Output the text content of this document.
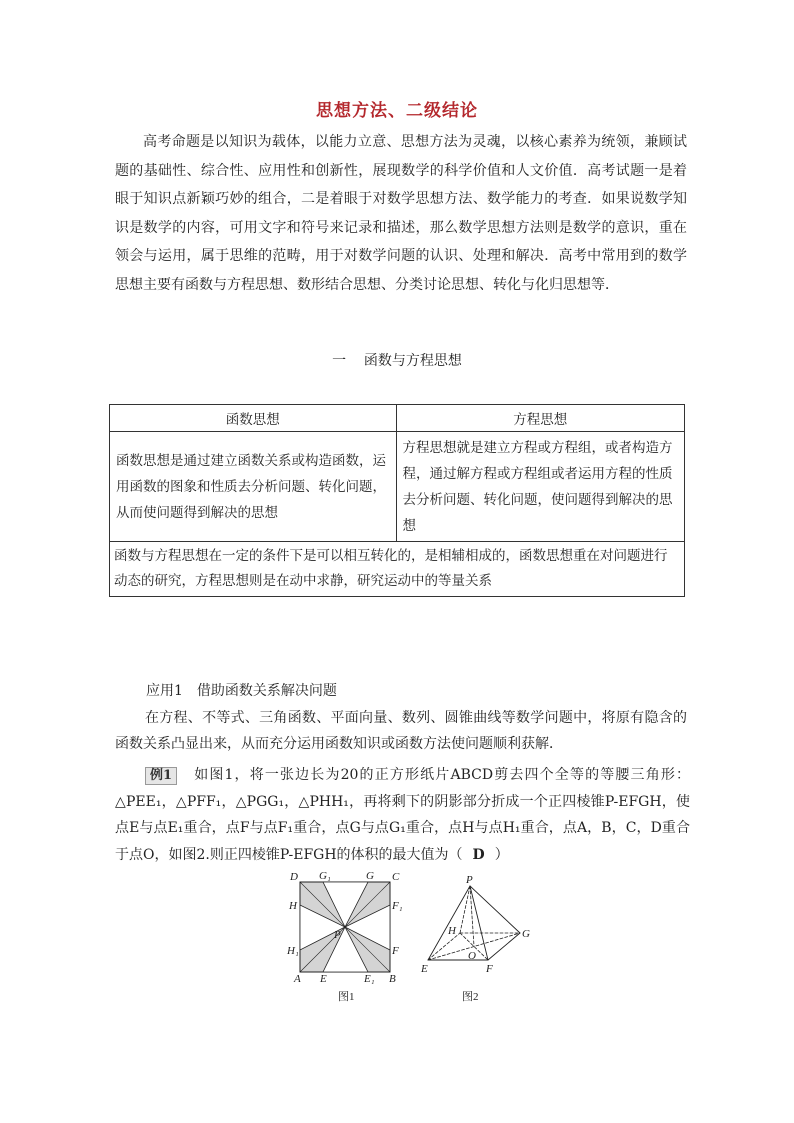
思想方法、二级结论
高考命题是以知识为载体，以能力立意、思想方法为灵魂，以核心素养为统领，兼顾试题的基础性、综合性、应用性和创新性，展现数学的科学价值和人文价值．高考试题一是着眼于知识点新颖巧妙的组合，二是着眼于对数学思想方法、数学能力的考查．如果说数学知识是数学的内容，可用文字和符号来记录和描述，那么数学思想方法则是数学的意识，重在领会与运用，属于思维的范畴，用于对数学问题的认识、处理和解决．高考中常用到的数学思想主要有函数与方程思想、数形结合思想、分类讨论思想、转化与化归思想等．
一 函数与方程思想
函数思想	方程思想
函数思想是通过建立函数关系或构造函数，运用函数的图象和性质去分析问题、转化问题，从而使问题得到解决的思想	方程思想就是建立方程或方程组，或者构造方程，通过解方程或方程组或者运用方程的性质去分析问题、转化问题，使问题得到解决的思想
函数与方程思想在一定的条件下是可以相互转化的，是相辅相成的，函数思想重在对问题进行动态的研究，方程思想则是在动中求静，研究运动中的等量关系	
应用1　借助函数关系解决问题
在方程、不等式、三角函数、平面向量、数列、圆锥曲线等数学问题中，将原有隐含的函数关系凸显出来，从而充分运用函数知识或函数方法使问题顺利获解．
例1 如图1，将一张边长为20的正方形纸片ABCD剪去四个全等的等腰三角形：△PEE₁，△PFF₁，△PGG₁，△PHH₁，再将剩下的阴影部分折成一个正四棱锥P-EFGH，使点E与点E₁重合，点F与点F₁重合，点G与点G₁重合，点H与点H₁重合，点A，B，C，D重合于点O，如图2.则正四棱锥P-EFGH的体积的最大值为（ D ）
D G₁	G C
H	F₁
P
H₁	F
A E	E₁ B
图1
P
H	G
O
E	F
图2
